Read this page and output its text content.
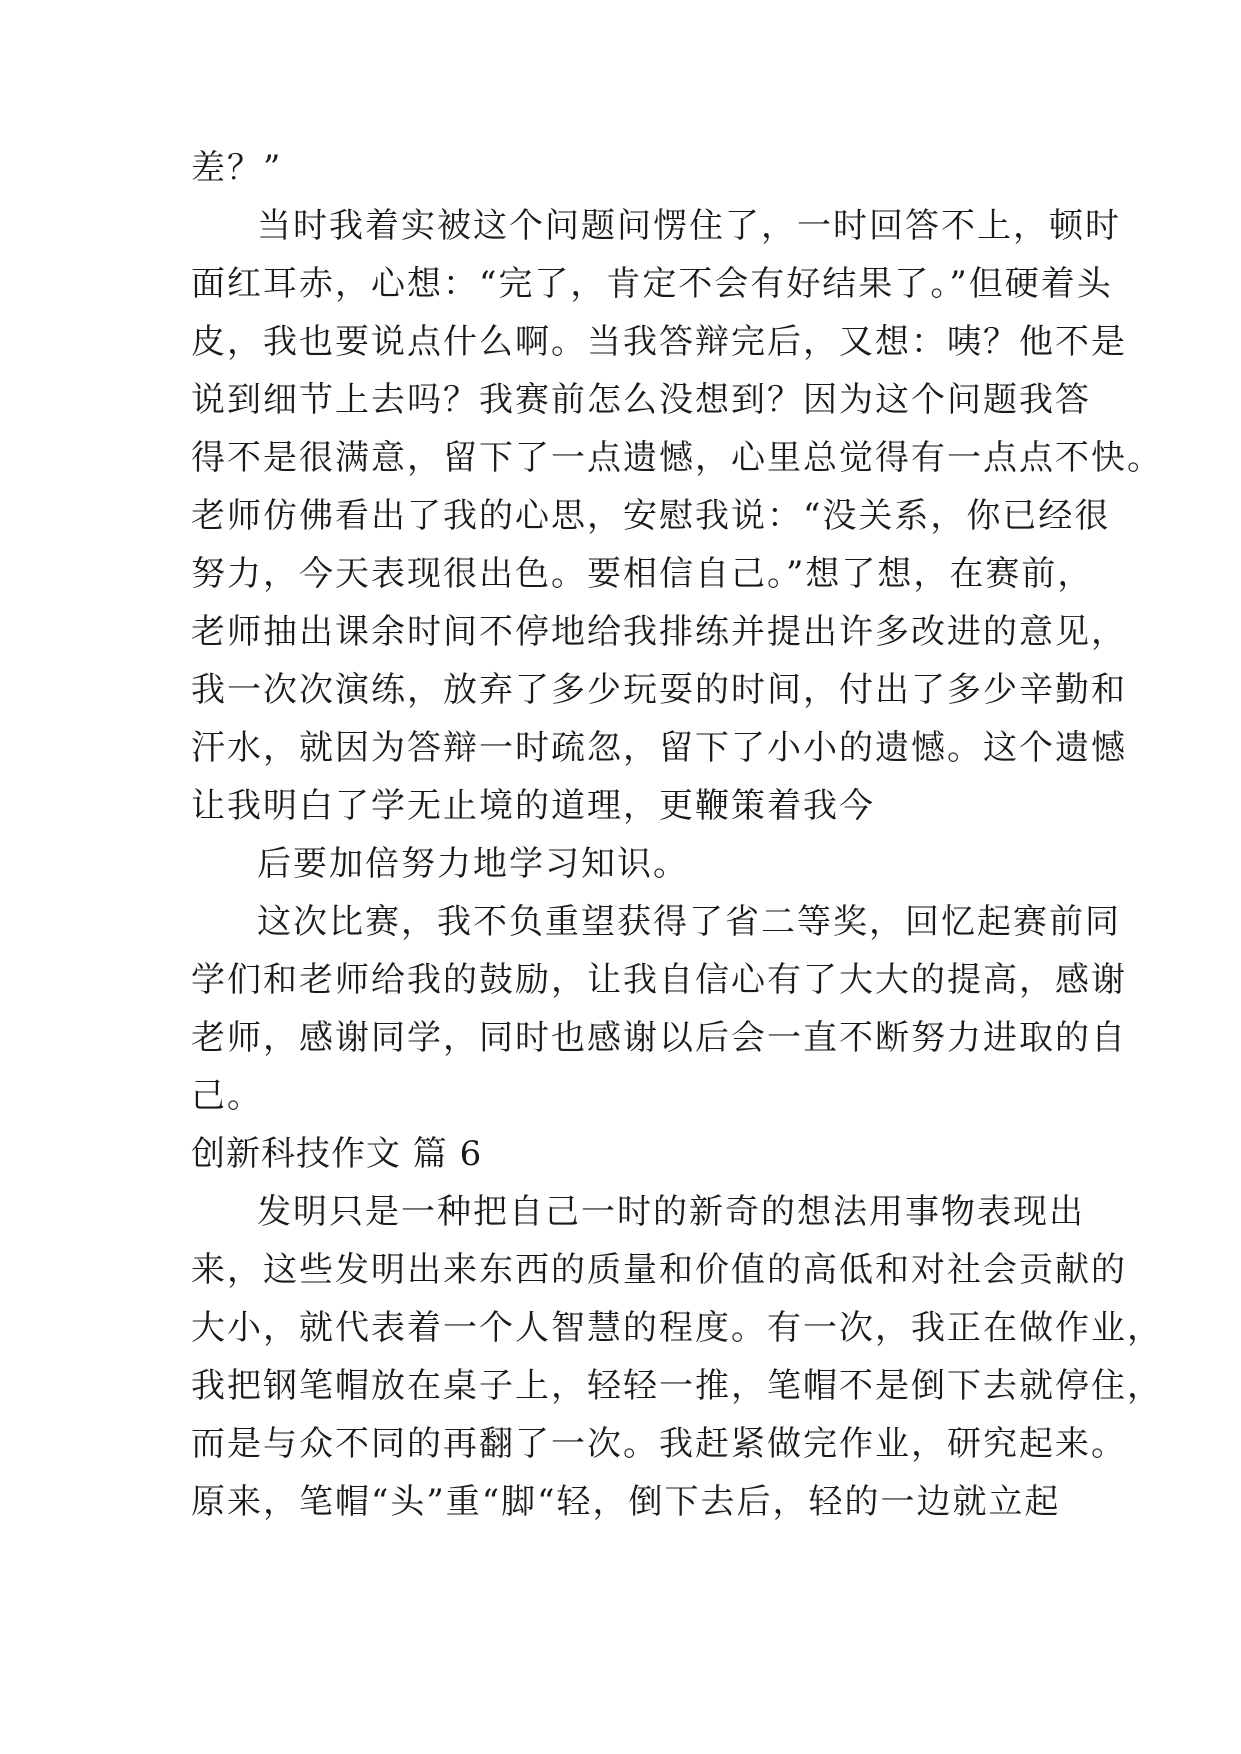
差？”
当时我着实被这个问题问愣住了，一时回答不上，顿时
面红耳赤，心想：“完了，肯定不会有好结果了。”但硬着头
皮，我也要说点什么啊。当我答辩完后，又想：咦？他不是
说到细节上去吗？我赛前怎么没想到？因为这个问题我答
得不是很满意，留下了一点遗憾，心里总觉得有一点点不快。
老师仿佛看出了我的心思，安慰我说：“没关系，你已经很
努力，今天表现很出色。要相信自己。”想了想，在赛前，
老师抽出课余时间不停地给我排练并提出许多改进的意见，
我一次次演练，放弃了多少玩耍的时间，付出了多少辛勤和
汗水，就因为答辩一时疏忽，留下了小小的遗憾。这个遗憾
让我明白了学无止境的道理，更鞭策着我今
后要加倍努力地学习知识。
这次比赛，我不负重望获得了省二等奖，回忆起赛前同
学们和老师给我的鼓励，让我自信心有了大大的提高，感谢
老师，感谢同学，同时也感谢以后会一直不断努力进取的自
己。
创新科技作文 篇 6
发明只是一种把自己一时的新奇的想法用事物表现出
来，这些发明出来东西的质量和价值的高低和对社会贡献的
大小，就代表着一个人智慧的程度。有一次，我正在做作业，
我把钢笔帽放在桌子上，轻轻一推，笔帽不是倒下去就停住，
而是与众不同的再翻了一次。我赶紧做完作业，研究起来。
原来，笔帽“头”重“脚“轻，倒下去后，轻的一边就立起
